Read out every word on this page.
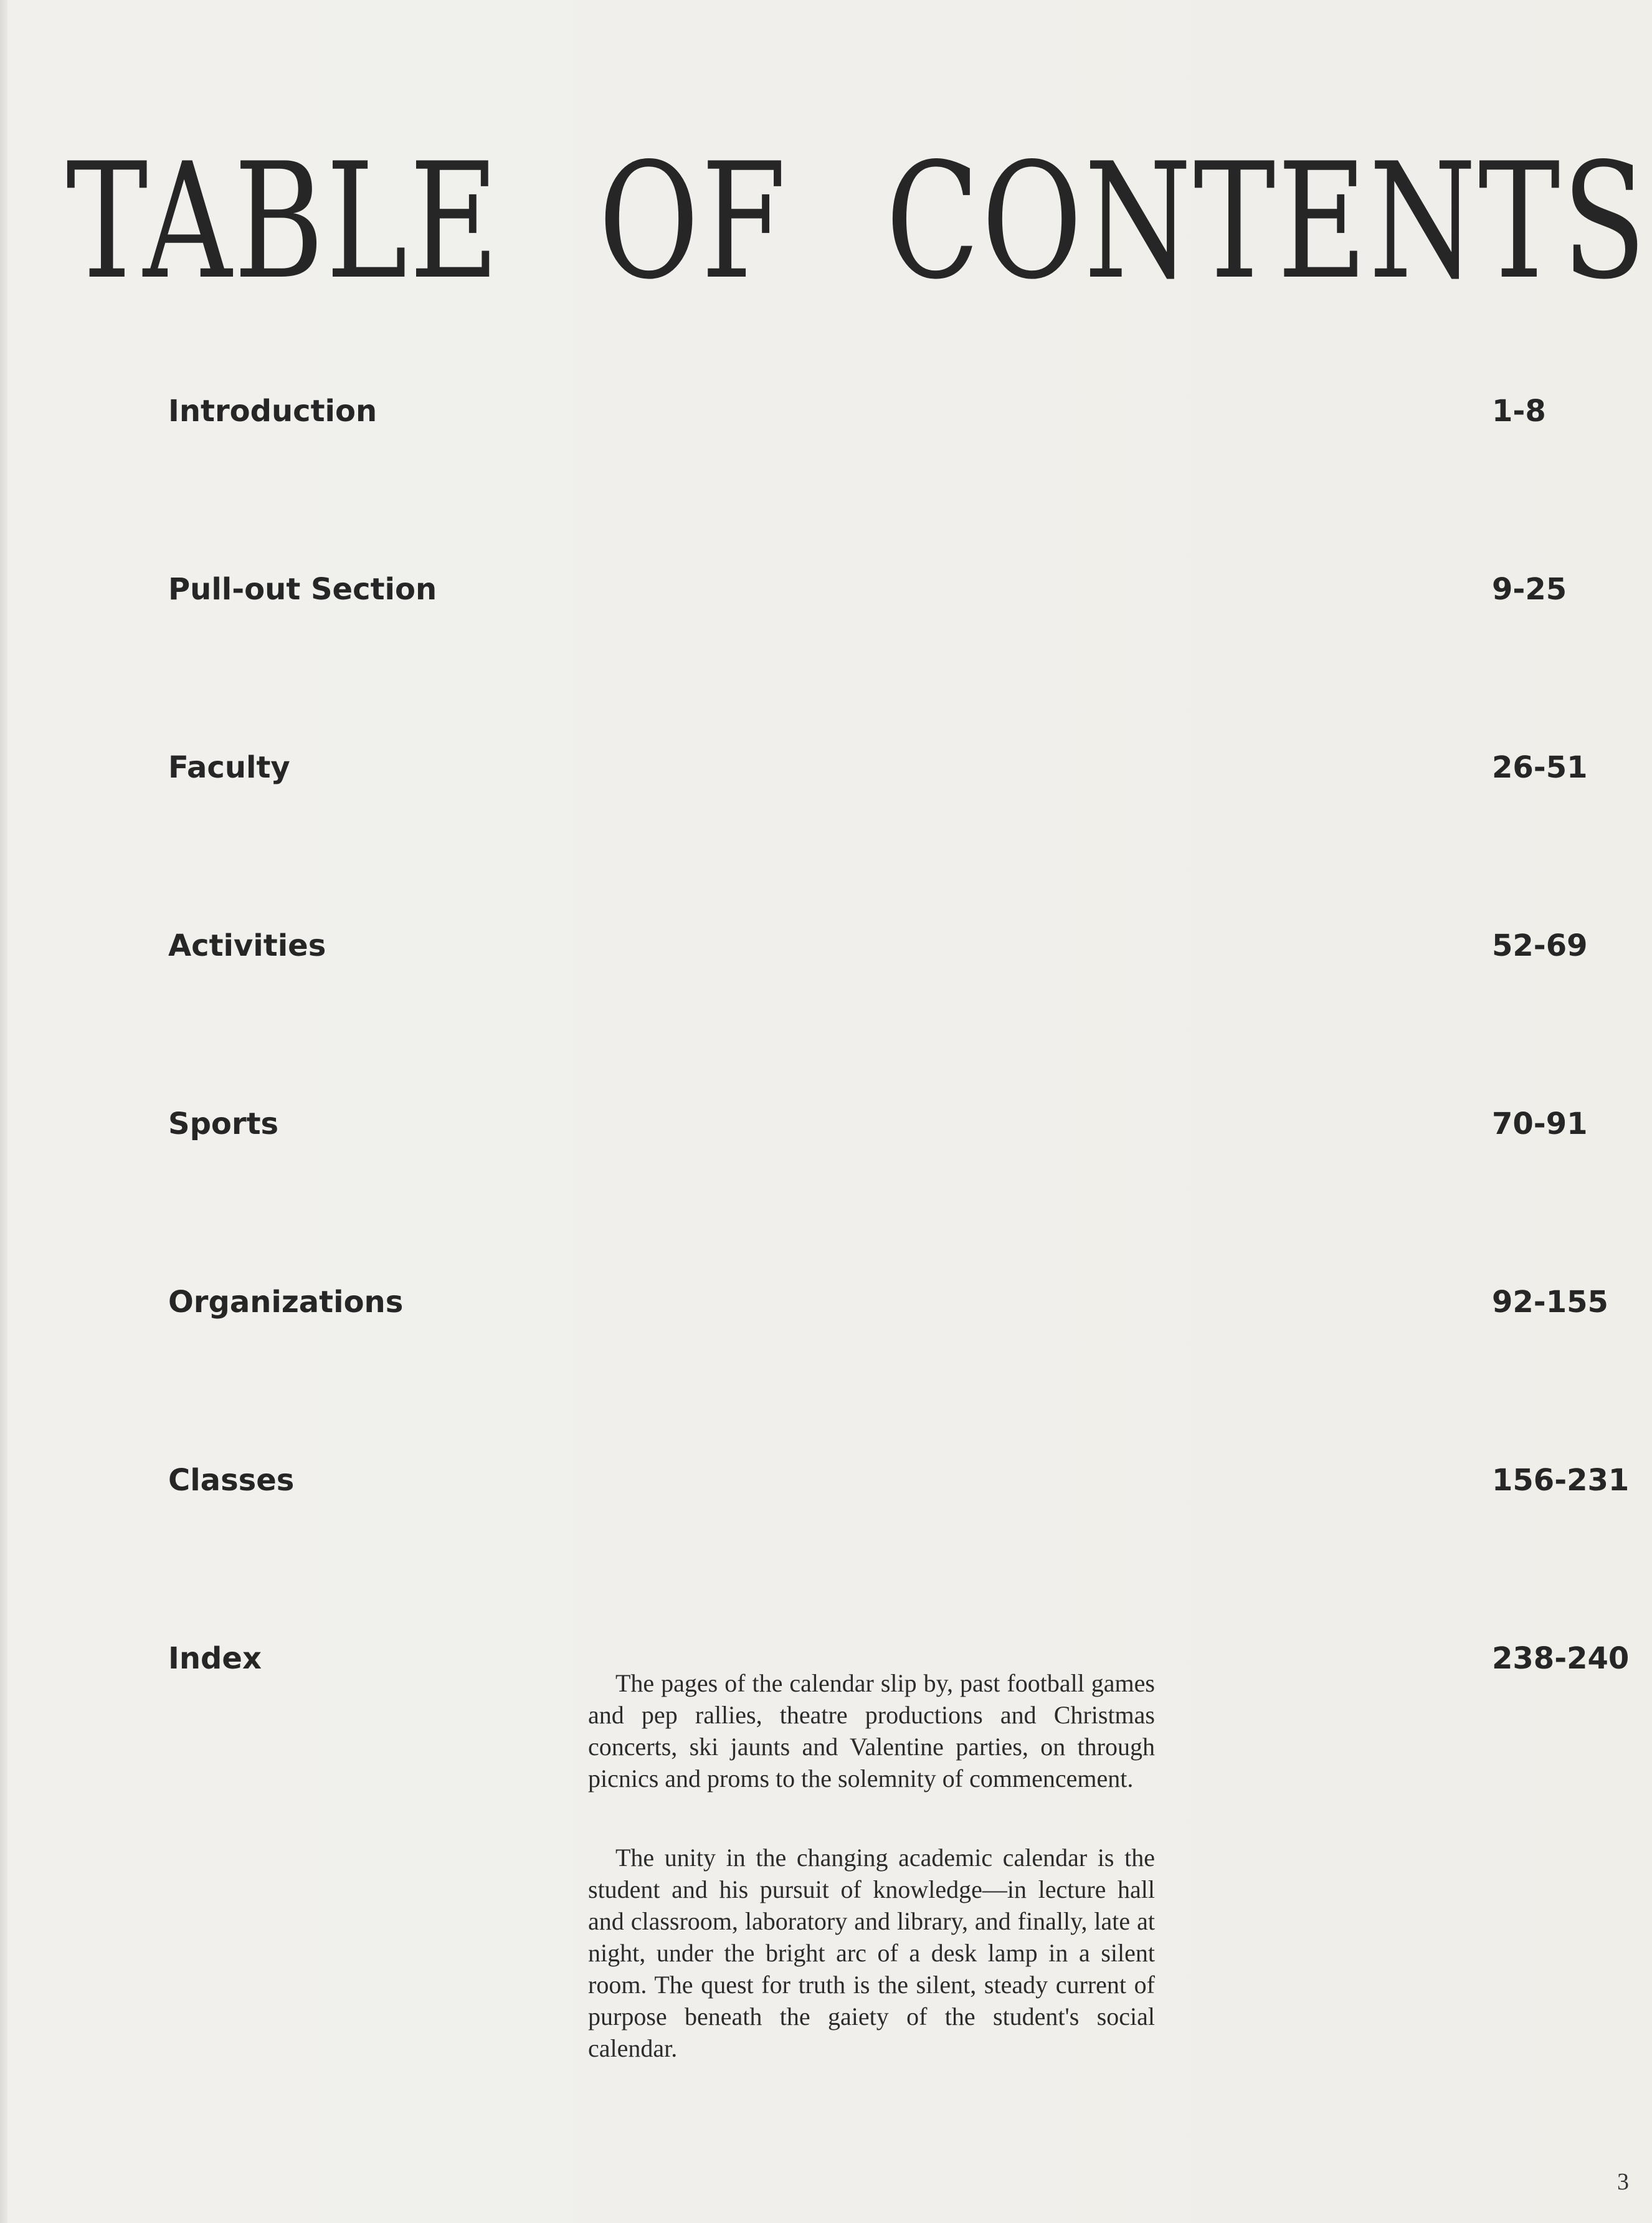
TABLE OF CONTENTS
Introduction	1-8
Pull-out Section	9-25
Faculty	26-51
Activities	52-69
Sports	70-91
Organizations	92-155
Classes	156-231
Index	238-240

The pages of the calendar slip by, past football games and pep rallies, theatre productions and Christmas concerts, ski jaunts and Valentine parties, on through picnics and proms to the solemnity of commencement.

The unity in the changing academic calendar is the student and his pursuit of knowledge—in lecture hall and classroom, laboratory and library, and finally, late at night, under the bright arc of a desk lamp in a silent room. The quest for truth is the silent, steady current of purpose beneath the gaiety of the student's social calendar.

3
